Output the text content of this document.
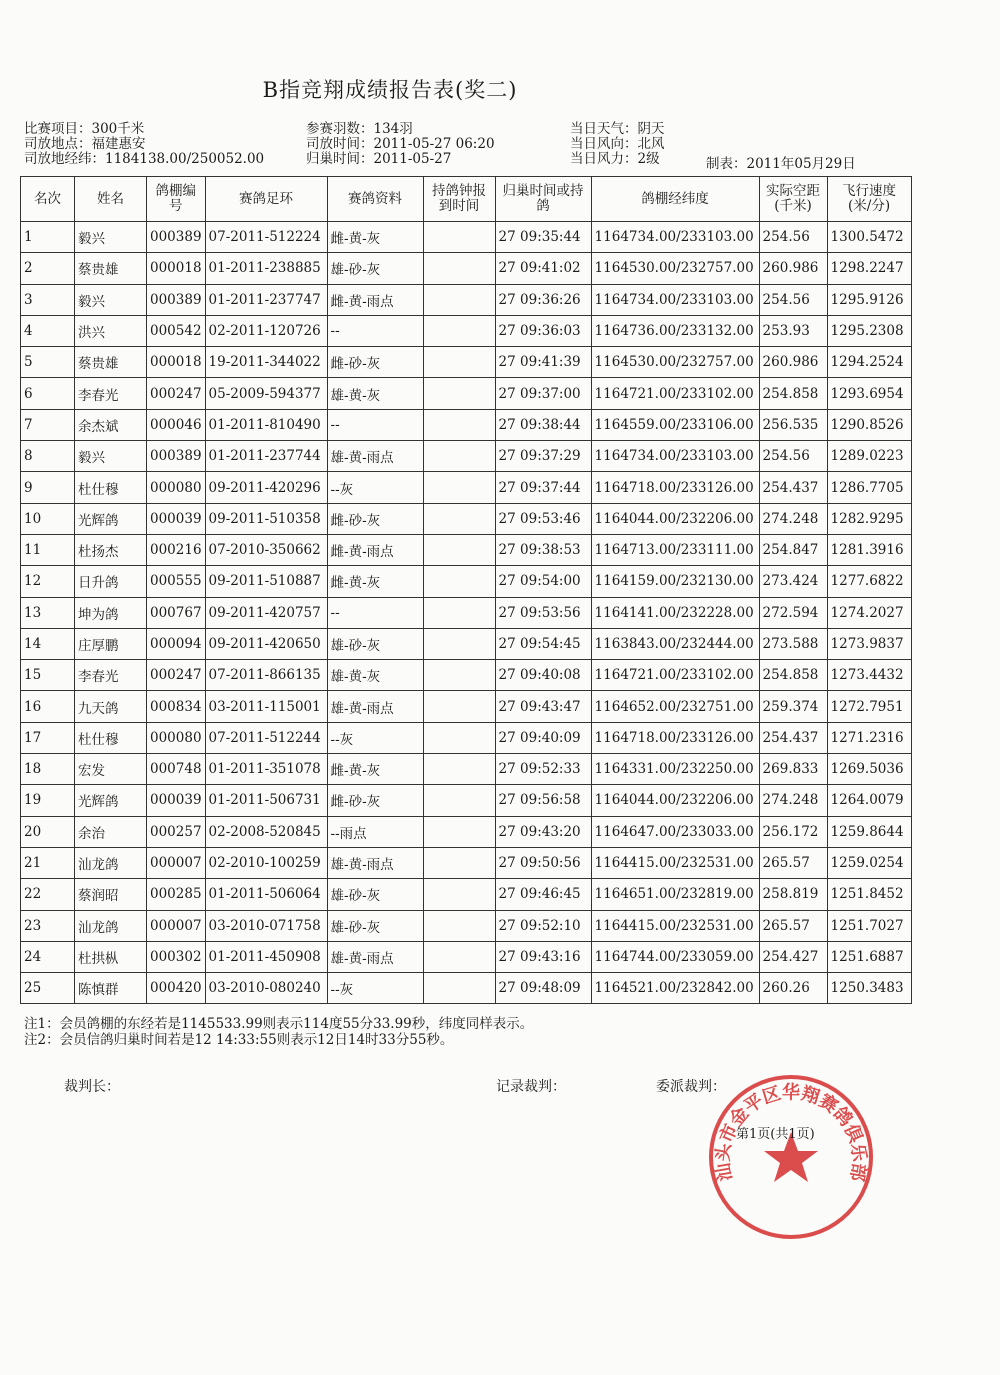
B指竞翔成绩报告表(奖二)
比赛项目：300千米
司放地点：福建惠安
司放地经纬：1184138.00/250052.00
参赛羽数：134羽
司放时间：2011-05-27 06:20
归巢时间：2011-05-27
当日天气：阴天
当日风向：北风
当日风力：2级	制表：2011年05月29日
名次	姓名	鸽棚编号	赛鸽足环	赛鸽资料	持鸽钟报到时间	归巢时间或持鸽	鸽棚经纬度	实际空距(千米)	飞行速度(米/分)
1	毅兴	000389	07-2011-512224	雌-黄-灰		27 09:35:44	1164734.00/233103.00	254.56	1300.5472
2	蔡贵雄	000018	01-2011-238885	雄-砂-灰		27 09:41:02	1164530.00/232757.00	260.986	1298.2247
3	毅兴	000389	01-2011-237747	雌-黄-雨点		27 09:36:26	1164734.00/233103.00	254.56	1295.9126
4	洪兴	000542	02-2011-120726	--		27 09:36:03	1164736.00/233132.00	253.93	1295.2308
5	蔡贵雄	000018	19-2011-344022	雌-砂-灰		27 09:41:39	1164530.00/232757.00	260.986	1294.2524
6	李春光	000247	05-2009-594377	雄-黄-灰		27 09:37:00	1164721.00/233102.00	254.858	1293.6954
7	余杰斌	000046	01-2011-810490	--		27 09:38:44	1164559.00/233106.00	256.535	1290.8526
8	毅兴	000389	01-2011-237744	雄-黄-雨点		27 09:37:29	1164734.00/233103.00	254.56	1289.0223
9	杜仕穆	000080	09-2011-420296	--灰		27 09:37:44	1164718.00/233126.00	254.437	1286.7705
10	光辉鸽	000039	09-2011-510358	雌-砂-灰		27 09:53:46	1164044.00/232206.00	274.248	1282.9295
11	杜扬杰	000216	07-2010-350662	雌-黄-雨点		27 09:38:53	1164713.00/233111.00	254.847	1281.3916
12	日升鸽	000555	09-2011-510887	雌-黄-灰		27 09:54:00	1164159.00/232130.00	273.424	1277.6822
13	坤为鸽	000767	09-2011-420757	--		27 09:53:56	1164141.00/232228.00	272.594	1274.2027
14	庄厚鹏	000094	09-2011-420650	雄-砂-灰		27 09:54:45	1163843.00/232444.00	273.588	1273.9837
15	李春光	000247	07-2011-866135	雄-黄-灰		27 09:40:08	1164721.00/233102.00	254.858	1273.4432
16	九天鸽	000834	03-2011-115001	雄-黄-雨点		27 09:43:47	1164652.00/232751.00	259.374	1272.7951
17	杜仕穆	000080	07-2011-512244	--灰		27 09:40:09	1164718.00/233126.00	254.437	1271.2316
18	宏发	000748	01-2011-351078	雌-黄-灰		27 09:52:33	1164331.00/232250.00	269.833	1269.5036
19	光辉鸽	000039	01-2011-506731	雌-砂-灰		27 09:56:58	1164044.00/232206.00	274.248	1264.0079
20	余治	000257	02-2008-520845	--雨点		27 09:43:20	1164647.00/233033.00	256.172	1259.8644
21	汕龙鸽	000007	02-2010-100259	雄-黄-雨点		27 09:50:56	1164415.00/232531.00	265.57	1259.0254
22	蔡润昭	000285	01-2011-506064	雄-砂-灰		27 09:46:45	1164651.00/232819.00	258.819	1251.8452
23	汕龙鸽	000007	03-2010-071758	雄-砂-灰		27 09:52:10	1164415.00/232531.00	265.57	1251.7027
24	杜拱枞	000302	01-2011-450908	雄-黄-雨点		27 09:43:16	1164744.00/233059.00	254.427	1251.6887
25	陈慎群	000420	03-2010-080240	--灰		27 09:48:09	1164521.00/232842.00	260.26	1250.3483
注1：会员鸽棚的东经若是1145533.99则表示114度55分33.99秒，纬度同样表示。
注2：会员信鸽归巢时间若是12 14:33:55则表示12日14时33分55秒。
裁判长：	记录裁判：	委派裁判：
第1页(共1页)
汕头市金平区华翔赛鸽俱乐部
